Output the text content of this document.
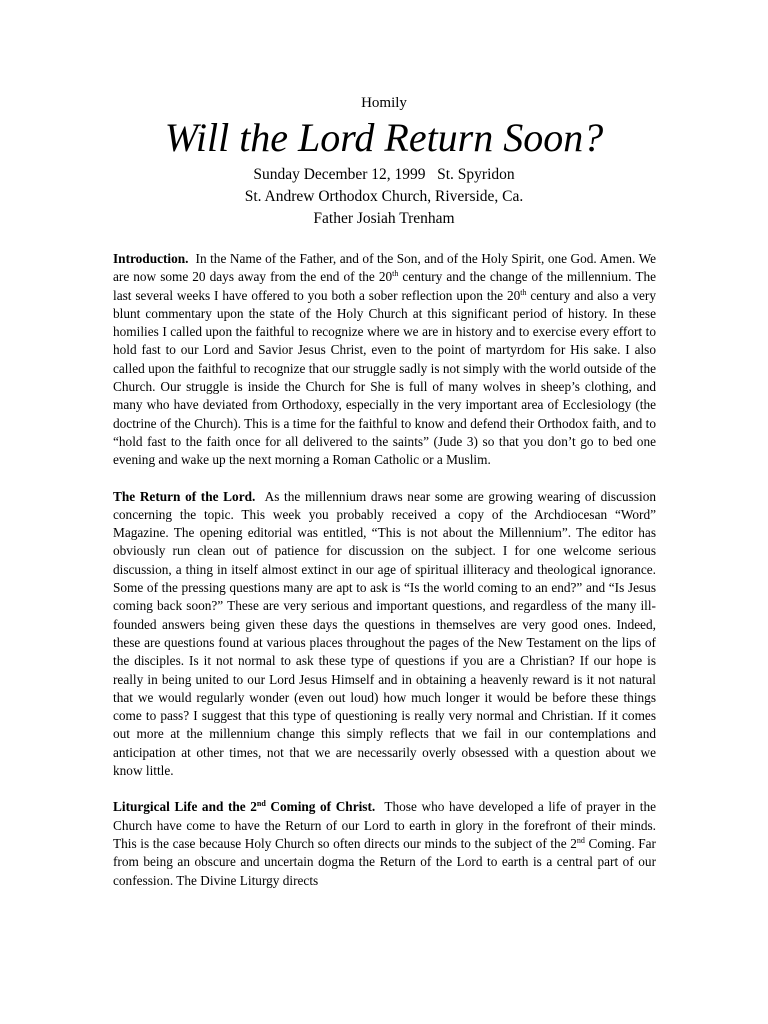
Homily
Will the Lord Return Soon?
Sunday December 12, 1999   St. Spyridon
St. Andrew Orthodox Church, Riverside, Ca.
Father Josiah Trenham

Introduction. In the Name of the Father, and of the Son, and of the Holy Spirit, one God. Amen. We are now some 20 days away from the end of the 20th century and the change of the millennium. The last several weeks I have offered to you both a sober reflection upon the 20th century and also a very blunt commentary upon the state of the Holy Church at this significant period of history. In these homilies I called upon the faithful to recognize where we are in history and to exercise every effort to hold fast to our Lord and Savior Jesus Christ, even to the point of martyrdom for His sake. I also called upon the faithful to recognize that our struggle sadly is not simply with the world outside of the Church. Our struggle is inside the Church for She is full of many wolves in sheep’s clothing, and many who have deviated from Orthodoxy, especially in the very important area of Ecclesiology (the doctrine of the Church). This is a time for the faithful to know and defend their Orthodox faith, and to “hold fast to the faith once for all delivered to the saints” (Jude 3) so that you don’t go to bed one evening and wake up the next morning a Roman Catholic or a Muslim.

The Return of the Lord. As the millennium draws near some are growing wearing of discussion concerning the topic. This week you probably received a copy of the Archdiocesan “Word” Magazine. The opening editorial was entitled, “This is not about the Millennium”. The editor has obviously run clean out of patience for discussion on the subject. I for one welcome serious discussion, a thing in itself almost extinct in our age of spiritual illiteracy and theological ignorance. Some of the pressing questions many are apt to ask is “Is the world coming to an end?” and “Is Jesus coming back soon?” These are very serious and important questions, and regardless of the many ill-founded answers being given these days the questions in themselves are very good ones. Indeed, these are questions found at various places throughout the pages of the New Testament on the lips of the disciples. Is it not normal to ask these type of questions if you are a Christian? If our hope is really in being united to our Lord Jesus Himself and in obtaining a heavenly reward is it not natural that we would regularly wonder (even out loud) how much longer it would be before these things come to pass? I suggest that this type of questioning is really very normal and Christian. If it comes out more at the millennium change this simply reflects that we fail in our contemplations and anticipation at other times, not that we are necessarily overly obsessed with a question about we know little.

Liturgical Life and the 2nd Coming of Christ. Those who have developed a life of prayer in the Church have come to have the Return of our Lord to earth in glory in the forefront of their minds. This is the case because Holy Church so often directs our minds to the subject of the 2nd Coming. Far from being an obscure and uncertain dogma the Return of the Lord to earth is a central part of our confession. The Divine Liturgy directs
